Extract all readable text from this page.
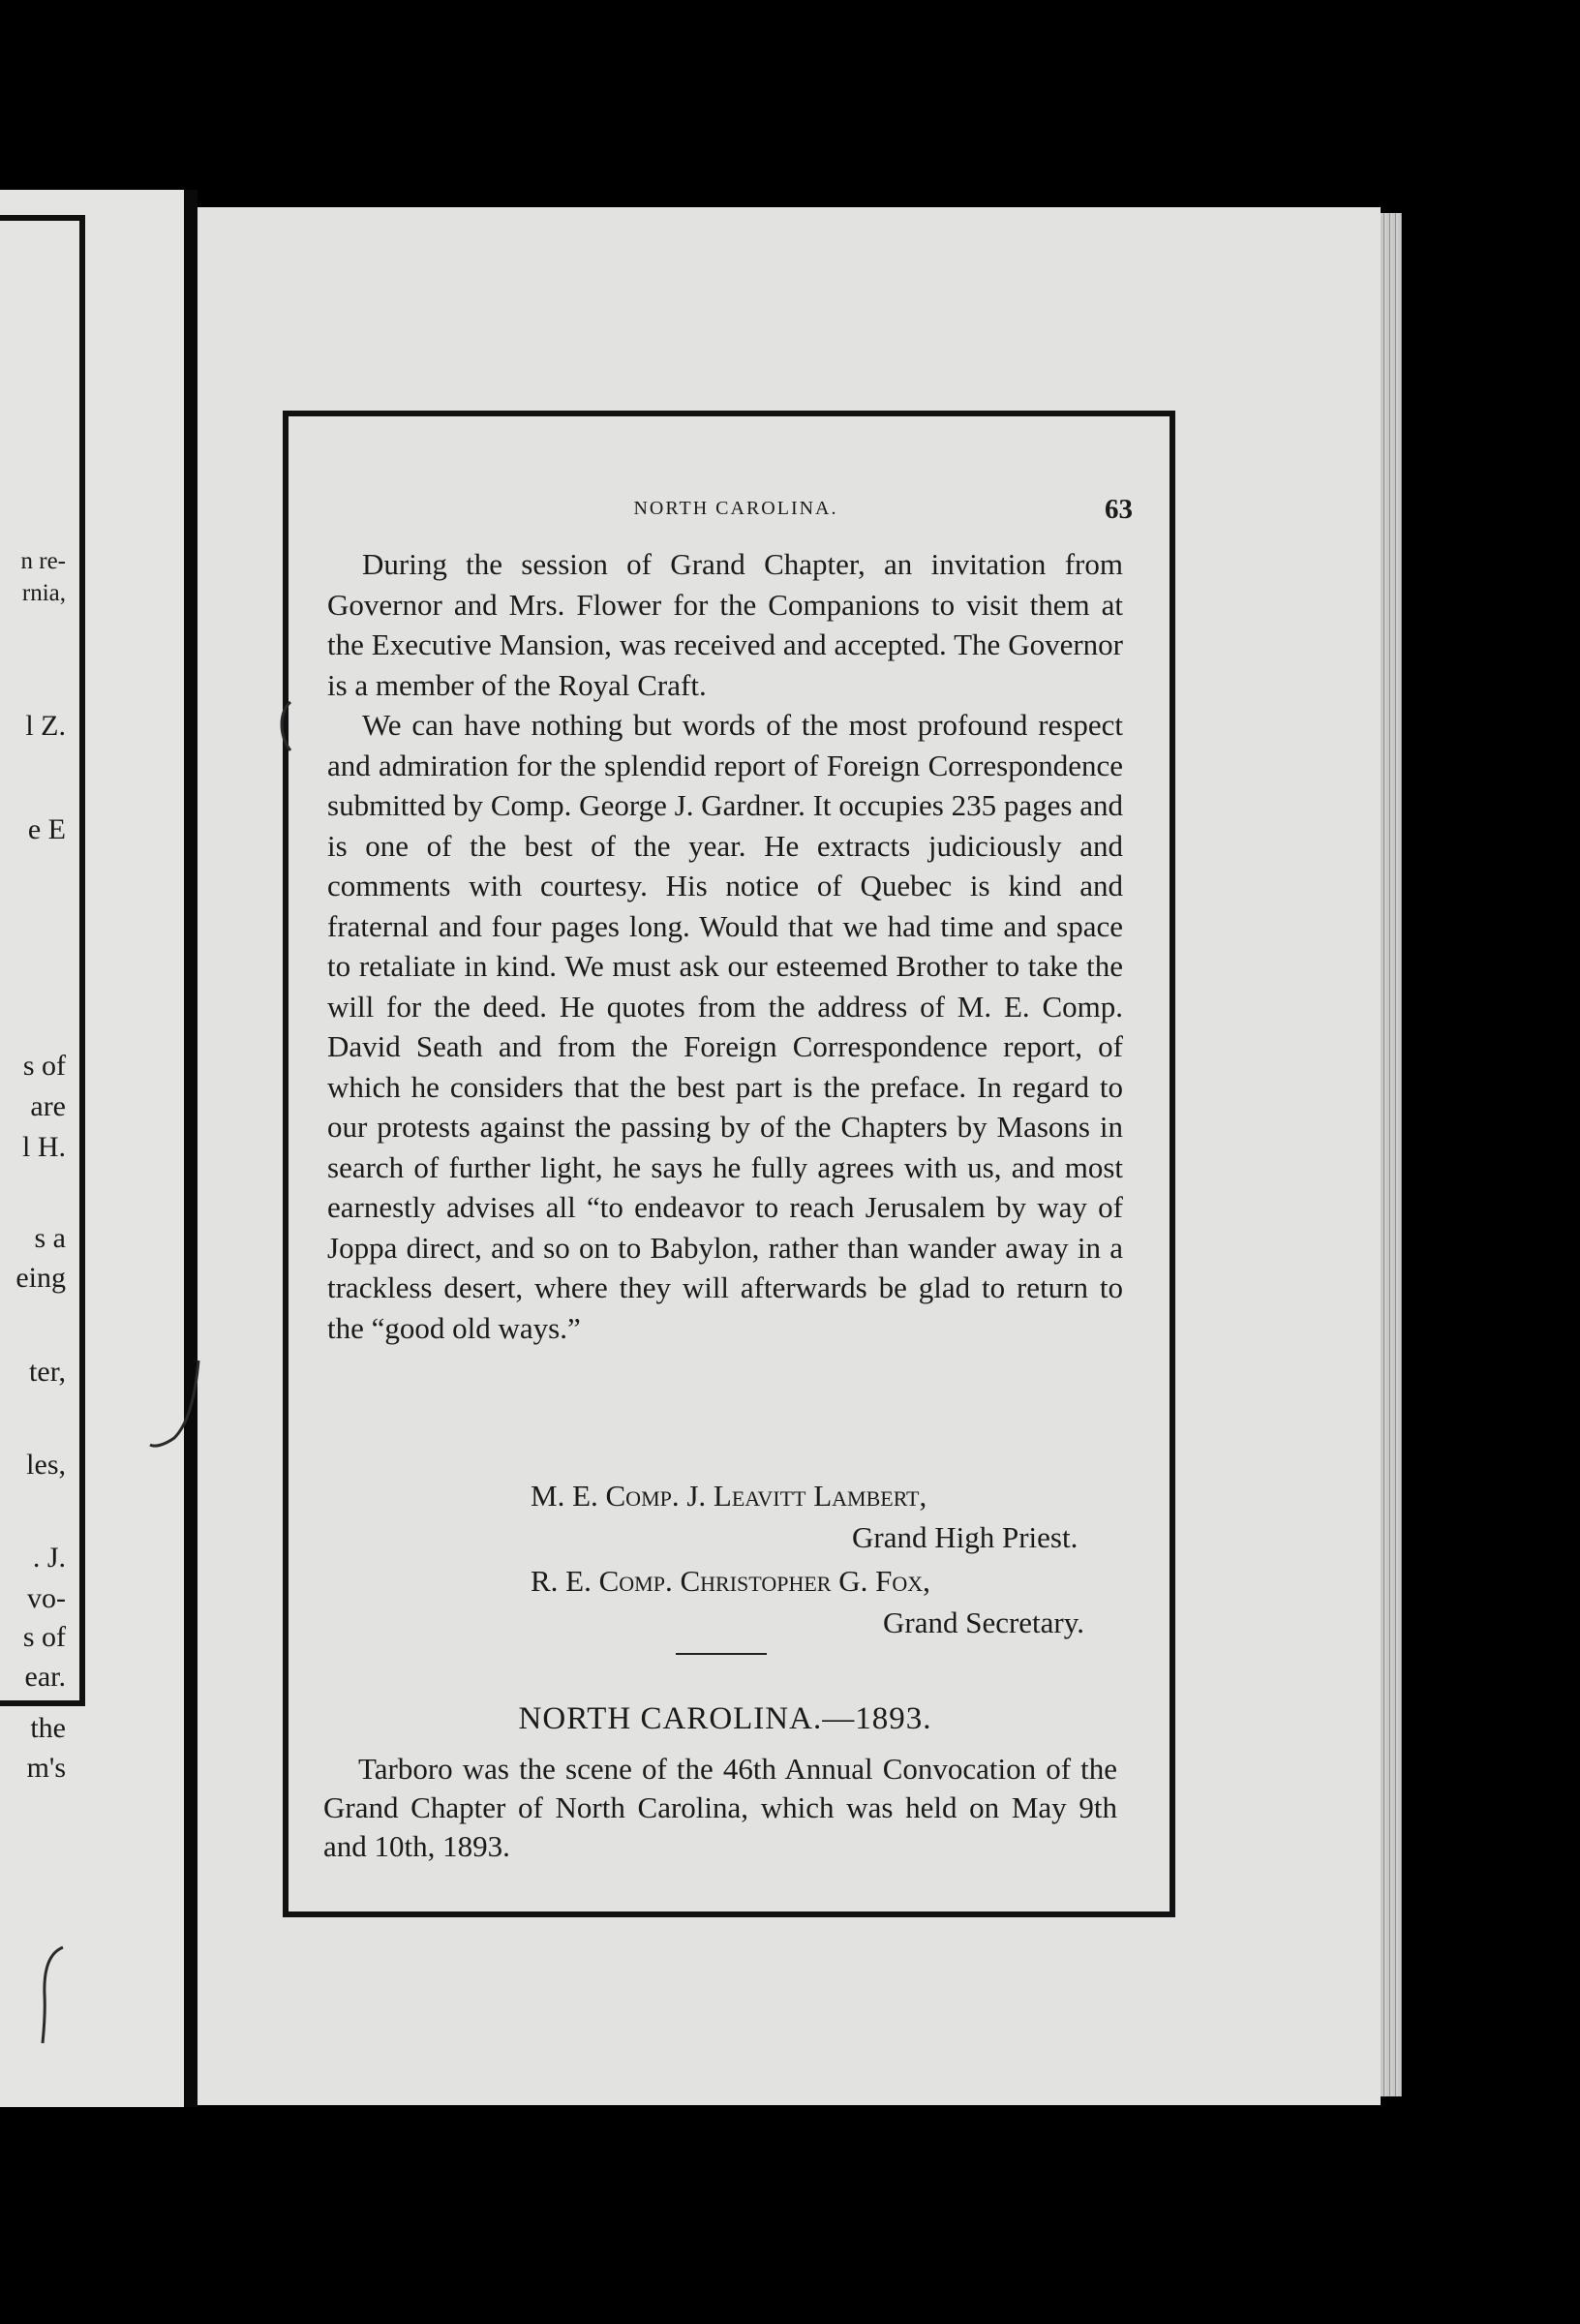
n re-
rnia,
l Z.
e E
s of
are
l H.
s a
eing
ter,
les,
. J.
vo-
s of
ear.
the
m's
NORTH CAROLINA.	63

During the session of Grand Chapter, an invitation from Governor and Mrs. Flower for the Companions to visit them at the Executive Mansion, was received and accepted. The Governor is a member of the Royal Craft.

We can have nothing but words of the most profound respect and admiration for the splendid report of Foreign Correspondence submitted by Comp. George J. Gardner. It occupies 235 pages and is one of the best of the year. He extracts judiciously and comments with courtesy. His notice of Quebec is kind and fraternal and four pages long. Would that we had time and space to retaliate in kind. We must ask our esteemed Brother to take the will for the deed. He quotes from the address of M. E. Comp. David Seath and from the Foreign Correspondence report, of which he considers that the best part is the preface. In regard to our protests against the passing by of the Chapters by Masons in search of further light, he says he fully agrees with us, and most earnestly advises all “to endeavor to reach Jerusalem by way of Joppa direct, and so on to Babylon, rather than wander away in a trackless desert, where they will afterwards be glad to return to the “good old ways.”

M. E. Comp. J. Leavitt Lambert,
Grand High Priest.
R. E. Comp. Christopher G. Fox,
Grand Secretary.
NORTH CAROLINA.—1893.

Tarboro was the scene of the 46th Annual Convocation of the Grand Chapter of North Carolina, which was held on May 9th and 10th, 1893.
